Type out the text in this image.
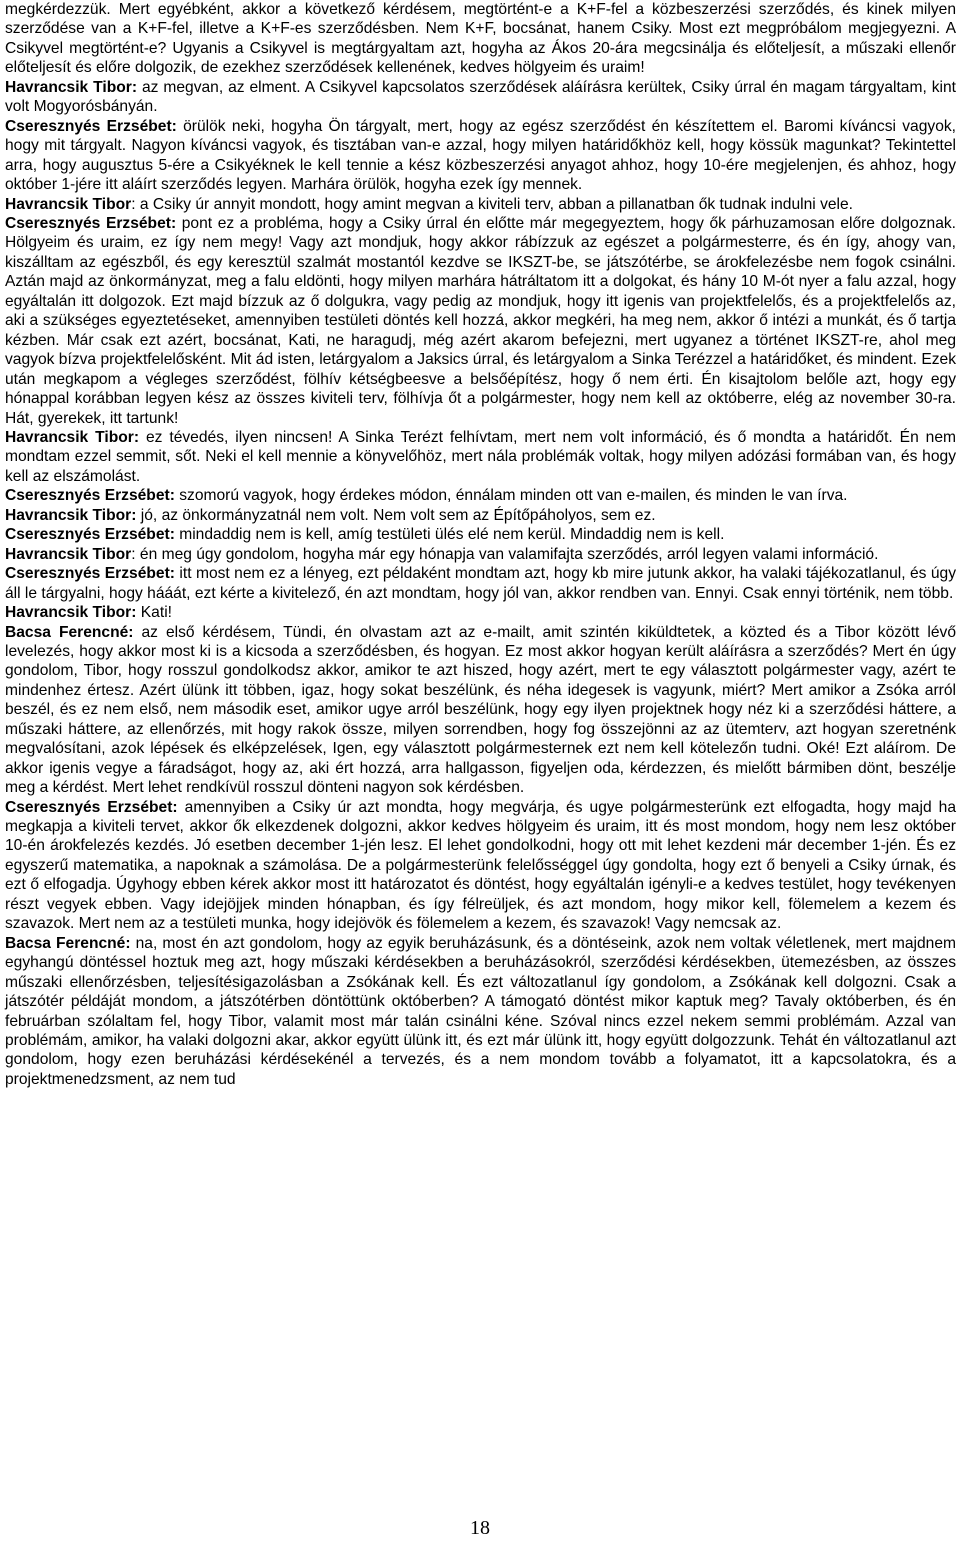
megkérdezzük. Mert egyébként, akkor a következő kérdésem, megtörtént-e a K+F-fel a közbeszerzési szerződés, és kinek milyen szerződése van a K+F-fel, illetve a K+F-es szerződésben. Nem K+F, bocsánat, hanem Csiky. Most ezt megpróbálom megjegyezni. A Csikyvel megtörtént-e? Ugyanis a Csikyvel is megtárgyaltam azt, hogyha az Ákos 20-ára megcsinálja és előteljesít, a műszaki ellenőr előteljesít és előre dolgozik, de ezekhez szerződések kellenének, kedves hölgyeim és uraim!

Havrancsik Tibor: az megvan, az elment. A Csikyvel kapcsolatos szerződések aláírásra kerültek, Csiky úrral én magam tárgyaltam, kint volt Mogyorósbányán.

Cseresznyés Erzsébet: örülök neki, hogyha Ön tárgyalt, mert, hogy az egész szerződést én készítettem el. Baromi kíváncsi vagyok, hogy mit tárgyalt. Nagyon kíváncsi vagyok, és tisztában van-e azzal, hogy milyen határidőkhöz kell, hogy kössük magunkat? Tekintettel arra, hogy augusztus 5-ére a Csikyéknek le kell tennie a kész közbeszerzési anyagot ahhoz, hogy 10-ére megjelenjen, és ahhoz, hogy október 1-jére itt aláírt szerződés legyen. Marhára örülök, hogyha ezek így mennek.

Havrancsik Tibor: a Csiky úr annyit mondott, hogy amint megvan a kiviteli terv, abban a pillanatban ők tudnak indulni vele.

Cseresznyés Erzsébet: pont ez a probléma, hogy a Csiky úrral én előtte már megegyeztem, hogy ők párhuzamosan előre dolgoznak. Hölgyeim és uraim, ez így nem megy! Vagy azt mondjuk, hogy akkor rábízzuk az egészet a polgármesterre, és én így, ahogy van, kiszálltam az egészből, és egy keresztül szalmát mostantól kezdve se IKSZT-be, se játszótérbe, se árokfelezésbe nem fogok csinálni. Aztán majd az önkormányzat, meg a falu eldönti, hogy milyen marhára hátráltatom itt a dolgokat, és hány 10 M-ót nyer a falu azzal, hogy egyáltalán itt dolgozok. Ezt majd bízzuk az ő dolgukra, vagy pedig az mondjuk, hogy itt igenis van projektfelelős, és a projektfelelős az, aki a szükséges egyeztetéseket, amennyiben testületi döntés kell hozzá, akkor megkéri, ha meg nem, akkor ő intézi a munkát, és ő tartja kézben. Már csak ezt azért, bocsánat, Kati, ne haragudj, még azért akarom befejezni, mert ugyanez a történet IKSZT-re, ahol meg vagyok bízva projektfelelősként. Mit ád isten, letárgyalom a Jaksics úrral, és letárgyalom a Sinka Terézzel a határidőket, és mindent. Ezek után megkapom a végleges szerződést, fölhív kétségbeesve a belsőépítész, hogy ő nem érti. Én kisajtolom belőle azt, hogy egy hónappal korábban legyen kész az összes kiviteli terv, fölhívja őt a polgármester, hogy nem kell az októberre, elég az november 30-ra. Hát, gyerekek, itt tartunk!

Havrancsik Tibor: ez tévedés, ilyen nincsen! A Sinka Terézt felhívtam, mert nem volt információ, és ő mondta a határidőt. Én nem mondtam ezzel semmit, sőt. Neki el kell mennie a könyvelőhöz, mert nála problémák voltak, hogy milyen adózási formában van, és hogy kell az elszámolást.

Cseresznyés Erzsébet: szomorú vagyok, hogy érdekes módon, énnálam minden ott van e-mailen, és minden le van írva.

Havrancsik Tibor: jó, az önkormányzatnál nem volt. Nem volt sem az Építőpáholyos, sem ez.

Cseresznyés Erzsébet: mindaddig nem is kell, amíg testületi ülés elé nem kerül. Mindaddig nem is kell.

Havrancsik Tibor: én meg úgy gondolom, hogyha már egy hónapja van valamifajta szerződés, arról legyen valami információ.

Cseresznyés Erzsébet: itt most nem ez a lényeg, ezt példaként mondtam azt, hogy kb mire jutunk akkor, ha valaki tájékozatlanul, és úgy áll le tárgyalni, hogy hááát, ezt kérte a kivitelező, én azt mondtam, hogy jól van, akkor rendben van. Ennyi. Csak ennyi történik, nem több.

Havrancsik Tibor: Kati!

Bacsa Ferencné: az első kérdésem, Tündi, én olvastam azt az e-mailt, amit szintén kiküldtetek, a közted és a Tibor között lévő levelezés, hogy akkor most ki is a kicsoda a szerződésben, és hogyan. Ez most akkor hogyan került aláírásra a szerződés? Mert én úgy gondolom, Tibor, hogy rosszul gondolkodsz akkor, amikor te azt hiszed, hogy azért, mert te egy választott polgármester vagy, azért te mindenhez értesz. Azért ülünk itt többen, igaz, hogy sokat beszélünk, és néha idegesek is vagyunk, miért? Mert amikor a Zsóka arról beszél, és ez nem első, nem második eset, amikor ugye arról beszélünk, hogy egy ilyen projektnek hogy néz ki a szerződési háttere, a műszaki háttere, az ellenőrzés, mit hogy rakok össze, milyen sorrendben, hogy fog összejönni az az ütemterv, azt hogyan szeretnénk megvalósítani, azok lépések és elképzelések, Igen, egy választott polgármesternek ezt nem kell kötelezőn tudni. Oké! Ezt aláírom. De akkor igenis vegye a fáradságot, hogy az, aki ért hozzá, arra hallgasson, figyeljen oda, kérdezzen, és mielőtt bármiben dönt, beszélje meg a kérdést. Mert lehet rendkívül rosszul dönteni nagyon sok kérdésben.

Cseresznyés Erzsébet: amennyiben a Csiky úr azt mondta, hogy megvárja, és ugye polgármesterünk ezt elfogadta, hogy majd ha megkapja a kiviteli tervet, akkor ők elkezdenek dolgozni, akkor kedves hölgyeim és uraim, itt és most mondom, hogy nem lesz október 10-én árokfelezés kezdés. Jó esetben december 1-jén lesz. El lehet gondolkodni, hogy ott mit lehet kezdeni már december 1-jén. És ez egyszerű matematika, a napoknak a számolása. De a polgármesterünk felelősséggel úgy gondolta, hogy ezt ő benyeli a Csiky úrnak, és ezt ő elfogadja. Úgyhogy ebben kérek akkor most itt határozatot és döntést, hogy egyáltalán igényli-e a kedves testület, hogy tevékenyen részt vegyek ebben. Vagy idejöjjek minden hónapban, és így félreüljek, és azt mondom, hogy mikor kell, fölemelem a kezem és szavazok. Mert nem az a testületi munka, hogy idejövök és fölemelem a kezem, és szavazok! Vagy nemcsak az.

Bacsa Ferencné: na, most én azt gondolom, hogy az egyik beruházásunk, és a döntéseink, azok nem voltak véletlenek, mert majdnem egyhangú döntéssel hoztuk meg azt, hogy műszaki kérdésekben a beruházásokról, szerződési kérdésekben, ütemezésben, az összes műszaki ellenőrzésben, teljesítésigazolásban a Zsókának kell. És ezt változatlanul így gondolom, a Zsókának kell dolgozni. Csak a játszótér példáját mondom, a játszótérben döntöttünk októberben? A támogató döntést mikor kaptuk meg? Tavaly októberben, és én februárban szólaltam fel, hogy Tibor, valamit most már talán csinálni kéne. Szóval nincs ezzel nekem semmi problémám. Azzal van problémám, amikor, ha valaki dolgozni akar, akkor együtt ülünk itt, és ezt már ülünk itt, hogy együtt dolgozzunk. Tehát én változatlanul azt gondolom, hogy ezen beruházási kérdésekénél a tervezés, és a nem mondom tovább a folyamatot, itt a kapcsolatokra, és a projektmenedzsment, az nem tud

18
